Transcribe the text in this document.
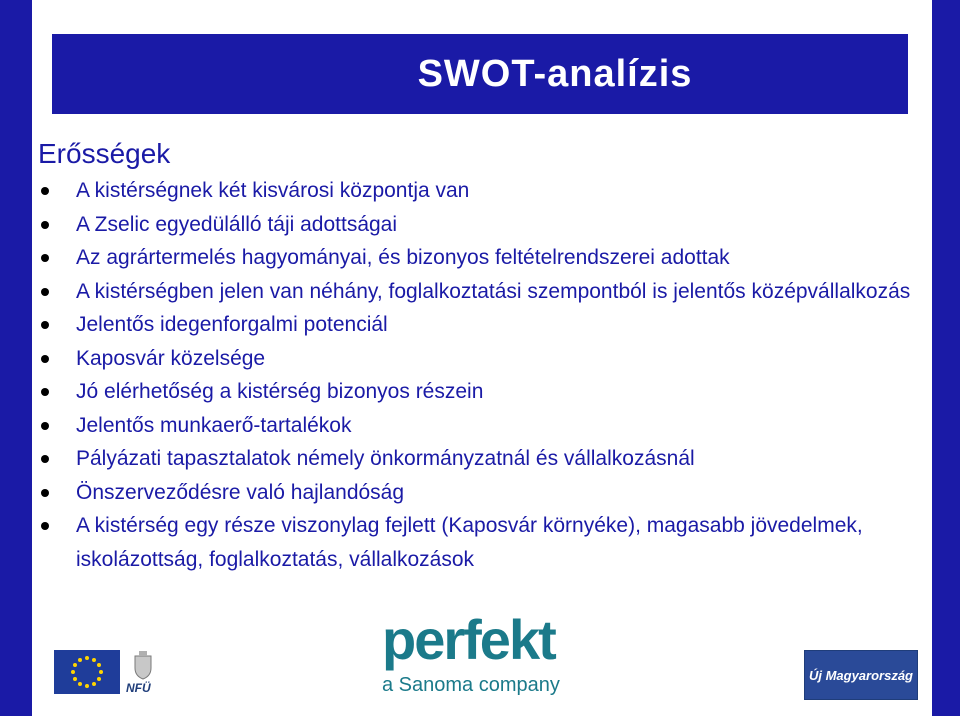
SWOT-analízis
Erősségek
A kistérségnek két kisvárosi központja van
A Zselic egyedülálló táji adottságai
Az agrártermelés hagyományai, és bizonyos feltételrendszerei adottak
A kistérségben jelen van néhány, foglalkoztatási szempontból is jelentős középvállalkozás
Jelentős idegenforgalmi potenciál
Kaposvár közelsége
Jó elérhetőség a kistérség bizonyos részein
Jelentős munkaerő-tartalékok
Pályázati tapasztalatok némely önkormányzatnál és vállalkozásnál
Önszerveződésre való hajlandóság
A kistérség egy része viszonylag fejlett (Kaposvár környéke), magasabb jövedelmek, iskolázottság, foglalkoztatás, vállalkozások
NFÜ
perfekt
a Sanoma company	Új Magyarország
